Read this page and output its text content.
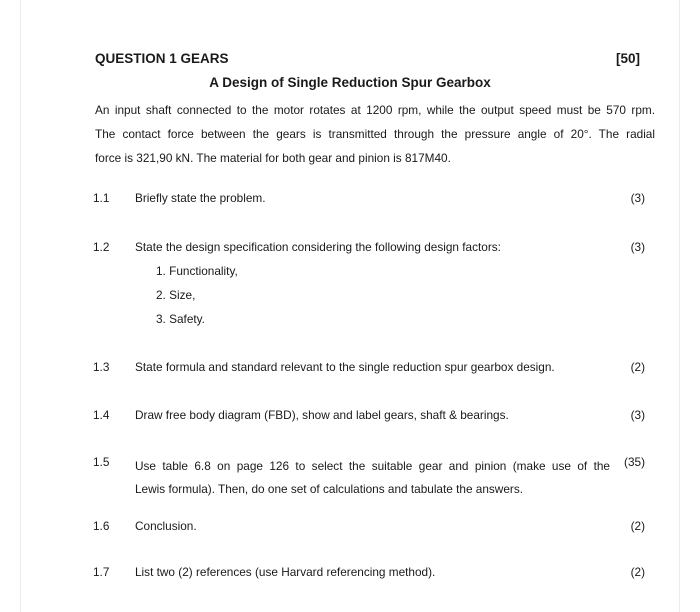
QUESTION 1 GEARS	[50]
A Design of Single Reduction Spur Gearbox
An input shaft connected to the motor rotates at 1200 rpm, while the output speed must be 570 rpm.
The contact force between the gears is transmitted through the pressure angle of 20°. The radial
force is 321,90 kN. The material for both gear and pinion is 817M40.
1.1 Briefly state the problem.	(3)
1.2 State the design specification considering the following design factors:	(3)
1. Functionality,
2. Size,
3. Safety.
1.3 State formula and standard relevant to the single reduction spur gearbox design.	(2)
1.4 Draw free body diagram (FBD), show and label gears, shaft & bearings.	(3)
1.5 Use table 6.8 on page 126 to select the suitable gear and pinion (make use of the
Lewis formula). Then, do one set of calculations and tabulate the answers.
(35)
1.6 Conclusion.	(2)
1.7 List two (2) references (use Harvard referencing method).	(2)
